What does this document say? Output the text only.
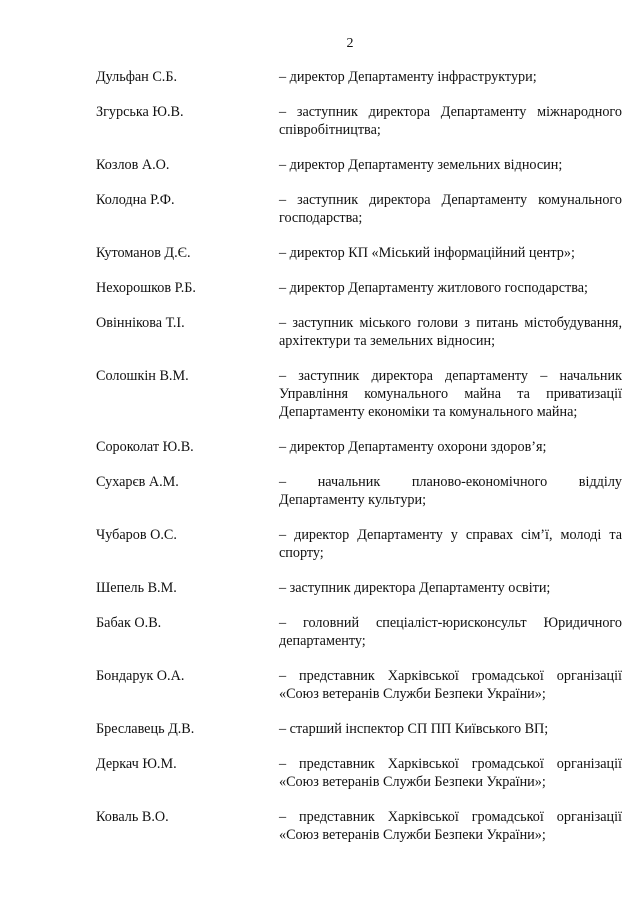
2
Дульфан С.Б.	– директор Департаменту інфраструктури;
Згурська Ю.В.	– заступник директора Департаменту міжнародного співробітництва;
Козлов А.О.	– директор Департаменту земельних відносин;
Колодна Р.Ф.	– заступник директора Департаменту комунального господарства;
Кутоманов Д.Є.	– директор КП «Міський інформаційний центр»;
Нехорошков Р.Б.	– директор Департаменту житлового господарства;
Овіннікова Т.І.	– заступник міського голови з питань містобудування, архітектури та земельних відносин;
Солошкін В.М.	– заступник директора департаменту – начальник Управління комунального майна та приватизації Департаменту економіки та комунального майна;
Сороколат Ю.В.	– директор Департаменту охорони здоров’я;
Сухарєв А.М.	– начальник планово-економічного відділу Департаменту культури;
Чубаров О.С.	– директор Департаменту у справах сім’ї, молоді та спорту;
Шепель В.М.	– заступник директора Департаменту освіти;
Бабак О.В.	– головний спеціаліст-юрисконсульт Юридичного департаменту;
Бондарук О.А.	– представник Харківської громадської організації «Союз ветеранів Служби Безпеки України»;
Бреславець Д.В.	– старший інспектор СП ПП Київського ВП;
Деркач Ю.М.	– представник Харківської громадської організації «Союз ветеранів Служби Безпеки України»;
Коваль В.О.	– представник Харківської громадської організації «Союз ветеранів Служби Безпеки України»;
